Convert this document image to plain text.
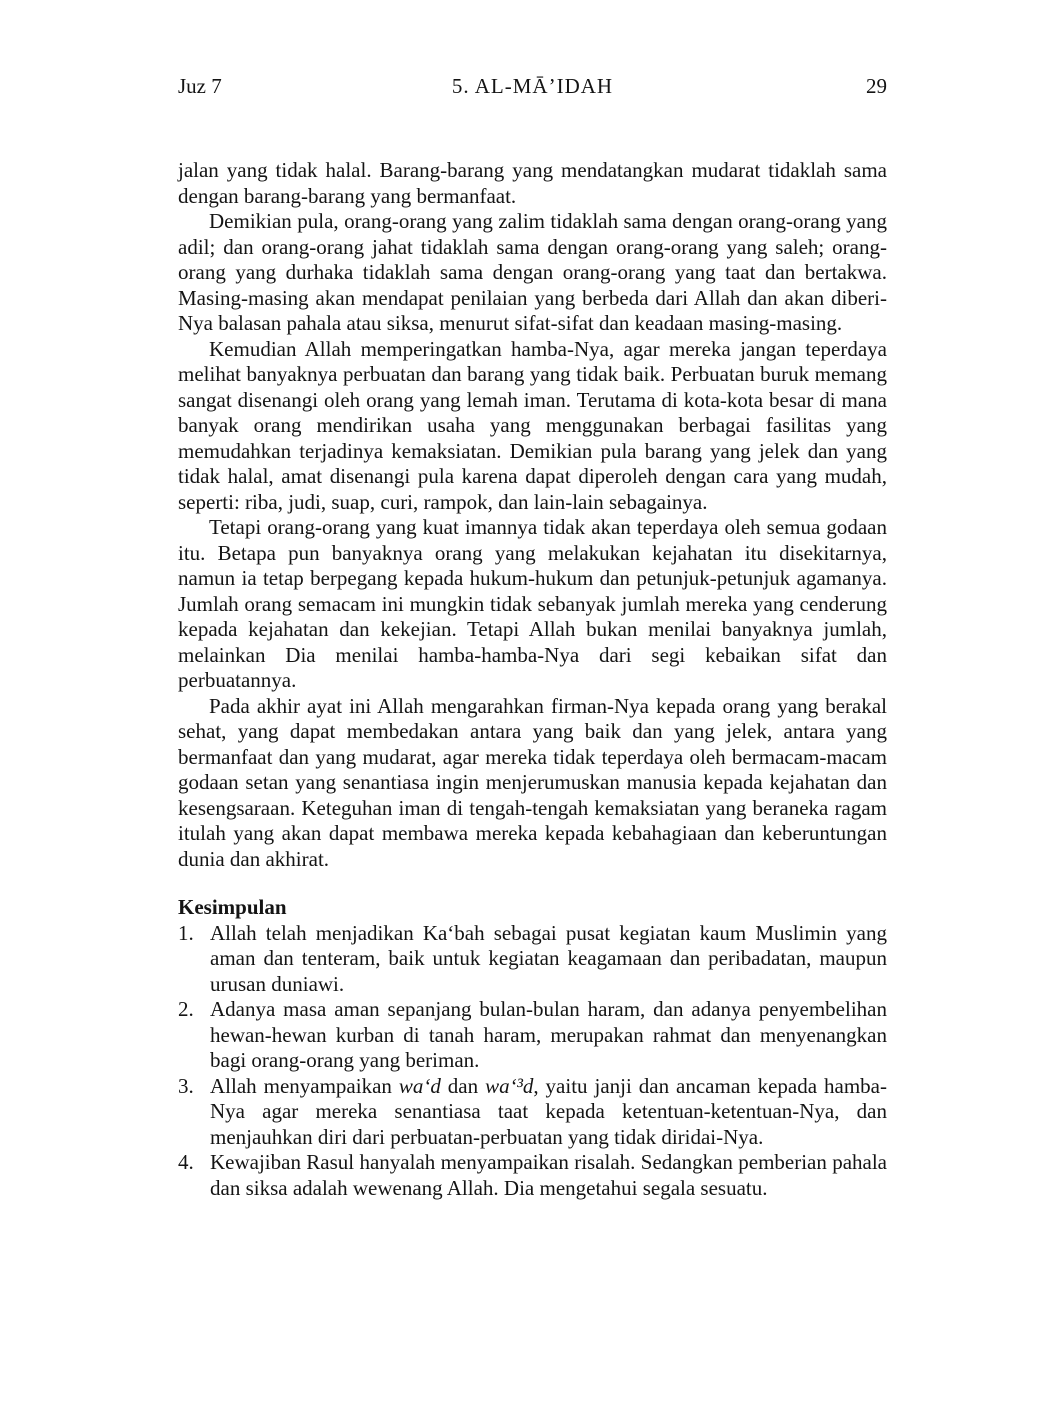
Juz 7	5. AL-MĀ’IDAH	29

jalan yang tidak halal. Barang-barang yang mendatangkan mudarat tidaklah sama dengan barang-barang yang bermanfaat.

Demikian pula, orang-orang yang zalim tidaklah sama dengan orang-orang yang adil; dan orang-orang jahat tidaklah sama dengan orang-orang yang saleh; orang-orang yang durhaka tidaklah sama dengan orang-orang yang taat dan bertakwa. Masing-masing akan mendapat penilaian yang berbeda dari Allah dan akan diberi-Nya balasan pahala atau siksa, menurut sifat-sifat dan keadaan masing-masing.

Kemudian Allah memperingatkan hamba-Nya, agar mereka jangan teperdaya melihat banyaknya perbuatan dan barang yang tidak baik. Perbuatan buruk memang sangat disenangi oleh orang yang lemah iman. Terutama di kota-kota besar di mana banyak orang mendirikan usaha yang menggunakan berbagai fasilitas yang memudahkan terjadinya kemaksiatan. Demikian pula barang yang jelek dan yang tidak halal, amat disenangi pula karena dapat diperoleh dengan cara yang mudah, seperti: riba, judi, suap, curi, rampok, dan lain-lain sebagainya.

Tetapi orang-orang yang kuat imannya tidak akan teperdaya oleh semua godaan itu. Betapa pun banyaknya orang yang melakukan kejahatan itu disekitarnya, namun ia tetap berpegang kepada hukum-hukum dan petunjuk-petunjuk agamanya. Jumlah orang semacam ini mungkin tidak sebanyak jumlah mereka yang cenderung kepada kejahatan dan kekejian. Tetapi Allah bukan menilai banyaknya jumlah, melainkan Dia menilai hamba-hamba-Nya dari segi kebaikan sifat dan perbuatannya.

Pada akhir ayat ini Allah mengarahkan firman-Nya kepada orang yang berakal sehat, yang dapat membedakan antara yang baik dan yang jelek, antara yang bermanfaat dan yang mudarat, agar mereka tidak teperdaya oleh bermacam-macam godaan setan yang senantiasa ingin menjerumuskan manusia kepada kejahatan dan kesengsaraan. Keteguhan iman di tengah-tengah kemaksiatan yang beraneka ragam itulah yang akan dapat membawa mereka kepada kebahagiaan dan keberuntungan dunia dan akhirat.

Kesimpulan
1. Allah telah menjadikan Ka‘bah sebagai pusat kegiatan kaum Muslimin yang aman dan tenteram, baik untuk kegiatan keagamaan dan peribadatan, maupun urusan duniawi.
2. Adanya masa aman sepanjang bulan-bulan haram, dan adanya penyembelihan hewan-hewan kurban di tanah haram, merupakan rahmat dan menyenangkan bagi orang-orang yang beriman.
3. Allah menyampaikan wa‘d dan wa‘³d, yaitu janji dan ancaman kepada hamba-Nya agar mereka senantiasa taat kepada ketentuan-ketentuan-Nya, dan menjauhkan diri dari perbuatan-perbuatan yang tidak diridai-Nya.
4. Kewajiban Rasul hanyalah menyampaikan risalah. Sedangkan pemberian pahala dan siksa adalah wewenang Allah. Dia mengetahui segala sesuatu.
